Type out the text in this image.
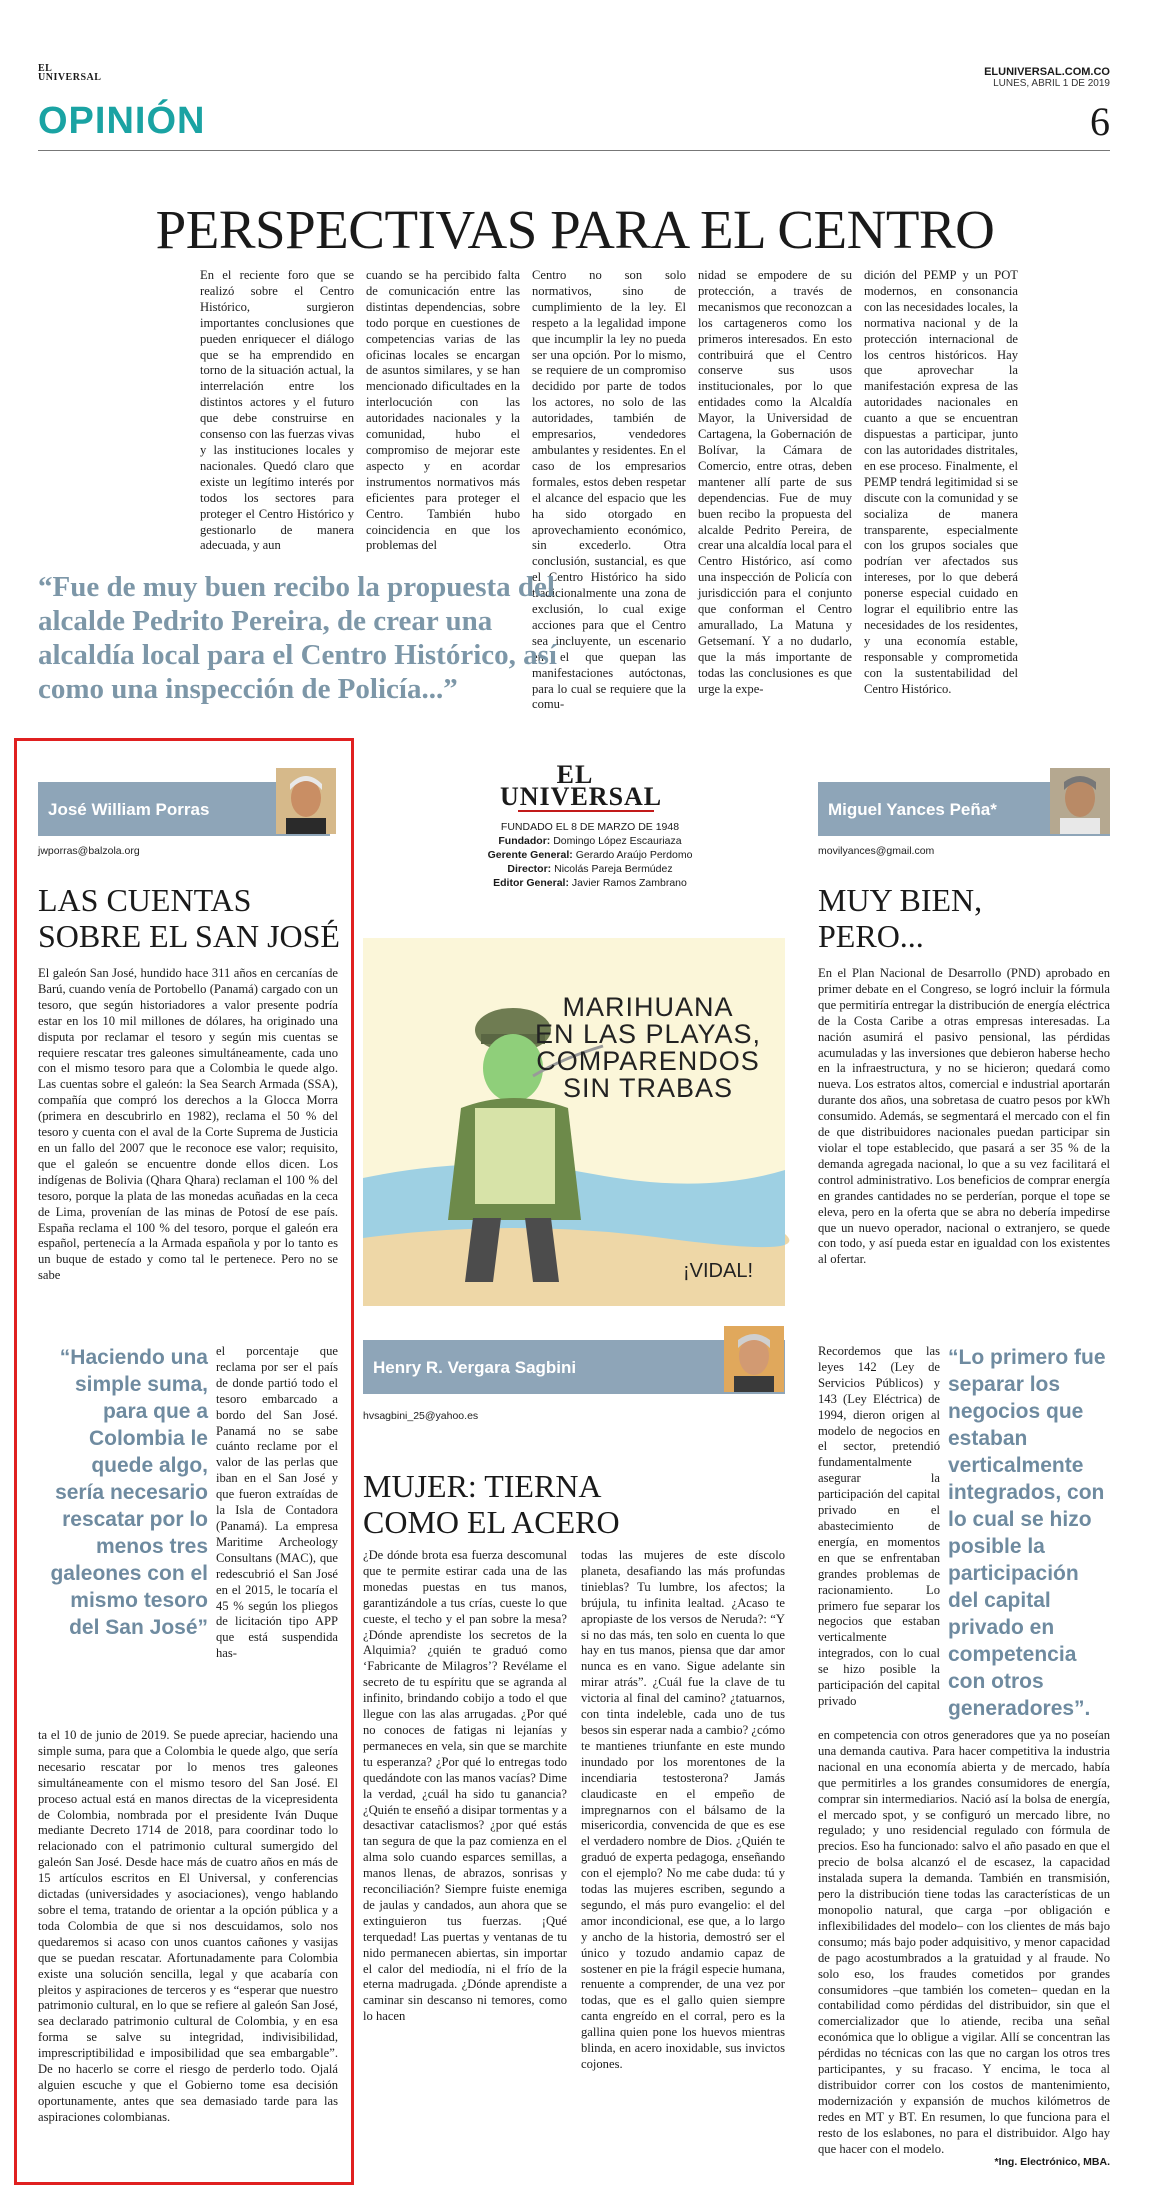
EL
UNIVERSAL
OPINIÓN
ELUNIVERSAL.COM.CO
LUNES, ABRIL 1 DE 2019
6
PERSPECTIVAS PARA EL CENTRO
En el reciente foro que se realizó sobre el Centro Histórico, surgieron importantes conclusiones que pueden enriquecer el diálogo que se ha emprendido en torno de la situación actual, la interrelación entre los distintos actores y el futuro que debe construirse en consenso con las fuerzas vivas y las instituciones locales y nacionales. Quedó claro que existe un legítimo interés por todos los sectores para proteger el Centro Histórico y gestionarlo de manera adecuada, y aun
cuando se ha percibido falta de comunicación entre las distintas dependencias, sobre todo porque en cuestiones de competencias varias de las oficinas locales se encargan de asuntos similares, y se han mencionado dificultades en la interlocución con las autoridades nacionales y la comunidad, hubo el compromiso de mejorar este aspecto y en acordar instrumentos normativos más eficientes para proteger el Centro. También hubo coincidencia en que los problemas del
Centro no son solo normativos, sino de cumplimiento de la ley. El respeto a la legalidad impone que incumplir la ley no pueda ser una opción. Por lo mismo, se requiere de un compromiso decidido por parte de todos los actores, no solo de las autoridades, también de empresarios, vendedores ambulantes y residentes. En el caso de los empresarios formales, estos deben respetar el alcance del espacio que les ha sido otorgado en aprovechamiento económico, sin excederlo. Otra conclusión, sustancial, es que el Centro Histórico ha sido tradicionalmente una zona de exclusión, lo cual exige acciones para que el Centro sea incluyente, un escenario en el que quepan las manifestaciones autóctonas, para lo cual se requiere que la comu-
nidad se empodere de su protección, a través de mecanismos que reconozcan a los cartageneros como los primeros interesados. En esto contribuirá que el Centro conserve sus usos institucionales, por lo que entidades como la Alcaldía Mayor, la Universidad de Cartagena, la Gobernación de Bolívar, la Cámara de Comercio, entre otras, deben mantener allí parte de sus dependencias. Fue de muy buen recibo la propuesta del alcalde Pedrito Pereira, de crear una alcaldía local para el Centro Histórico, así como una inspección de Policía con jurisdicción para el conjunto que conforman el Centro amurallado, La Matuna y Getsemaní. Y a no dudarlo, que la más importante de todas las conclusiones es que urge la expe-
dición del PEMP y un POT modernos, en consonancia con las necesidades locales, la normativa nacional y de la protección internacional de los centros históricos. Hay que aprovechar la manifestación expresa de las autoridades nacionales en cuanto a que se encuentran dispuestas a participar, junto con las autoridades distritales, en ese proceso. Finalmente, el PEMP tendrá legitimidad si se discute con la comunidad y se socializa de manera transparente, especialmente con los grupos sociales que podrían ver afectados sus intereses, por lo que deberá ponerse especial cuidado en lograr el equilibrio entre las necesidades de los residentes, y una economía estable, responsable y comprometida con la sustentabilidad del Centro Histórico.
“Fue de muy buen recibo la propuesta del alcalde Pedrito Pereira, de crear una alcaldía local para el Centro Histórico, así como una inspección de Policía...”
José William Porras
jwporras@balzola.org
LAS CUENTAS
SOBRE EL SAN JOSÉ
El galeón San José, hundido hace 311 años en cercanías de Barú, cuando venía de Portobello (Panamá) cargado con un tesoro, que según historiadores a valor presente podría estar en los 10 mil millones de dólares, ha originado una disputa por reclamar el tesoro y según mis cuentas se requiere rescatar tres galeones simultáneamente, cada uno con el mismo tesoro para que a Colombia le quede algo. Las cuentas sobre el galeón: la Sea Search Armada (SSA), compañía que compró los derechos a la Glocca Morra (primera en descubrirlo en 1982), reclama el 50 % del tesoro y cuenta con el aval de la Corte Suprema de Justicia en un fallo del 2007 que le reconoce ese valor; requisito, que el galeón se encuentre donde ellos dicen. Los indígenas de Bolivia (Qhara Qhara) reclaman el 100 % del tesoro, porque la plata de las monedas acuñadas en la ceca de Lima, provenían de las minas de Potosí de ese país. España reclama el 100 % del tesoro, porque el galeón era español, pertenecía a la Armada española y por lo tanto es un buque de estado y como tal le pertenece. Pero no se sabe
“Haciendo una simple suma, para que a Colombia le quede algo, sería necesario rescatar por lo menos tres galeones con el mismo tesoro del San José”
el porcentaje que reclama por ser el país de donde partió todo el tesoro embarcado a bordo del San José. Panamá no se sabe cuánto reclame por el valor de las perlas que iban en el San José y que fueron extraídas de la Isla de Contadora (Panamá). La empresa Maritime Archeology Consultans (MAC), que redescubrió el San José en el 2015, le tocaría el 45 % según los pliegos de licitación tipo APP que está suspendida has-
ta el 10 de junio de 2019. Se puede apreciar, haciendo una simple suma, para que a Colombia le quede algo, que sería necesario rescatar por lo menos tres galeones simultáneamente con el mismo tesoro del San José. El proceso actual está en manos directas de la vicepresidenta de Colombia, nombrada por el presidente Iván Duque mediante Decreto 1714 de 2018, para coordinar todo lo relacionado con el patrimonio cultural sumergido del galeón San José. Desde hace más de cuatro años en más de 15 artículos escritos en El Universal, y conferencias dictadas (universidades y asociaciones), vengo hablando sobre el tema, tratando de orientar a la opción pública y a toda Colombia de que si nos descuidamos, solo nos quedaremos si acaso con unos cuantos cañones y vasijas que se puedan rescatar. Afortunadamente para Colombia existe una solución sencilla, legal y que acabaría con pleitos y aspiraciones de terceros y es “esperar que nuestro patrimonio cultural, en lo que se refiere al galeón San José, sea declarado patrimonio cultural de Colombia, y en esa forma se salve su integridad, indivisibilidad, imprescriptibilidad e imposibilidad que sea embargable”. De no hacerlo se corre el riesgo de perderlo todo. Ojalá alguien escuche y que el Gobierno tome esa decisión oportunamente, antes que sea demasiado tarde para las aspiraciones colombianas.
EL
UNIVERSAL
FUNDADO EL 8 DE MARZO DE 1948
Fundador: Domingo López Escauriaza
Gerente General: Gerardo Araújo Perdomo
Director: Nicolás Pareja Bermúdez
Editor General: Javier Ramos Zambrano
MARIHUANA
EN LAS PLAYAS,
COMPARENDOS
SIN TRABAS
¡VIDAL!
Henry R. Vergara Sagbini
hvsagbini_25@yahoo.es
MUJER: TIERNA
COMO EL ACERO
¿De dónde brota esa fuerza descomunal que te permite estirar cada una de las monedas puestas en tus manos, garantizándole a tus crías, cueste lo que cueste, el techo y el pan sobre la mesa? ¿Dónde aprendiste los secretos de la Alquimia? ¿quién te graduó como ‘Fabricante de Milagros’? Revélame el secreto de tu espíritu que se agranda al infinito, brindando cobijo a todo el que llegue con las alas arrugadas. ¿Por qué no conoces de fatigas ni lejanías y permaneces en vela, sin que se marchite tu esperanza? ¿Por qué lo entregas todo quedándote con las manos vacías? Dime la verdad, ¿cuál ha sido tu ganancia? ¿Quién te enseñó a disipar tormentas y a desactivar cataclismos? ¿por qué estás tan segura de que la paz comienza en el alma solo cuando esparces semillas, a manos llenas, de abrazos, sonrisas y reconciliación? Siempre fuiste enemiga de jaulas y candados, aun ahora que se extinguieron tus fuerzas. ¡Qué terquedad! Las puertas y ventanas de tu nido permanecen abiertas, sin importar el calor del mediodía, ni el frío de la eterna madrugada. ¿Dónde aprendiste a caminar sin descanso ni temores, como lo hacen
todas las mujeres de este díscolo planeta, desafiando las más profundas tinieblas? Tu lumbre, los afectos; la brújula, tu infinita lealtad. ¿Acaso te apropiaste de los versos de Neruda?: “Y si no das más, ten solo en cuenta lo que hay en tus manos, piensa que dar amor nunca es en vano. Sigue adelante sin mirar atrás”. ¿Cuál fue la clave de tu victoria al final del camino? ¿tatuarnos, con tinta indeleble, cada uno de tus besos sin esperar nada a cambio? ¿cómo te mantienes triunfante en este mundo inundado por los morentones de la incendiaria testosterona? Jamás claudicaste en el empeño de impregnarnos con el bálsamo de la misericordia, convencida de que es ese el verdadero nombre de Dios. ¿Quién te graduó de experta pedagoga, enseñando con el ejemplo? No me cabe duda: tú y todas las mujeres escriben, segundo a segundo, el más puro evangelio: el del amor incondicional, ese que, a lo largo y ancho de la historia, demostró ser el único y tozudo andamio capaz de sostener en pie la frágil especie humana, renuente a comprender, de una vez por todas, que es el gallo quien siempre canta engreído en el corral, pero es la gallina quien pone los huevos mientras blinda, en acero inoxidable, sus invictos cojones.
Miguel Yances Peña*
movilyances@gmail.com
MUY BIEN,
PERO...
En el Plan Nacional de Desarrollo (PND) aprobado en primer debate en el Congreso, se logró incluir la fórmula que permitiría entregar la distribución de energía eléctrica de la Costa Caribe a otras empresas interesadas. La nación asumirá el pasivo pensional, las pérdidas acumuladas y las inversiones que debieron haberse hecho en la infraestructura, y no se hicieron; quedará como nueva. Los estratos altos, comercial e industrial aportarán durante dos años, una sobretasa de cuatro pesos por kWh consumido. Además, se segmentará el mercado con el fin de que distribuidores nacionales puedan participar sin violar el tope establecido, que pasará a ser 35 % de la demanda agregada nacional, lo que a su vez facilitará el control administrativo. Los beneficios de comprar energía en grandes cantidades no se perderían, porque el tope se eleva, pero en la oferta que se abra no debería impedirse que un nuevo operador, nacional o extranjero, se quede con todo, y así pueda estar en igualdad con los existentes al ofertar.
Recordemos que las leyes 142 (Ley de Servicios Públicos) y 143 (Ley Eléctrica) de 1994, dieron origen al modelo de negocios en el sector, pretendió fundamentalmente asegurar la participación del capital privado en el abastecimiento de energía, en momentos en que se enfrentaban grandes problemas de racionamiento. Lo primero fue separar los negocios que estaban verticalmente integrados, con lo cual se hizo posible la participación del capital privado
“Lo primero fue separar los negocios que estaban verticalmente integrados, con lo cual se hizo posible la participación del capital privado en competencia con otros generadores”.
en competencia con otros generadores que ya no poseían una demanda cautiva. Para hacer competitiva la industria nacional en una economía abierta y de mercado, había que permitirles a los grandes consumidores de energía, comprar sin intermediarios. Nació así la bolsa de energía, el mercado spot, y se configuró un mercado libre, no regulado; y uno residencial regulado con fórmula de precios. Eso ha funcionado: salvo el año pasado en que el precio de bolsa alcanzó el de escasez, la capacidad instalada supera la demanda. También en transmisión, pero la distribución tiene todas las características de un monopolio natural, que carga –por obligación e inflexibilidades del modelo– con los clientes de más bajo consumo; más bajo poder adquisitivo, y menor capacidad de pago acostumbrados a la gratuidad y al fraude. No solo eso, los fraudes cometidos por grandes consumidores –que también los cometen– quedan en la contabilidad como pérdidas del distribuidor, sin que el comercializador que lo atiende, reciba una señal económica que lo obligue a vigilar. Allí se concentran las pérdidas no técnicas con las que no cargan los otros tres participantes, y su fracaso. Y encima, le toca al distribuidor correr con los costos de mantenimiento, modernización y expansión de muchos kilómetros de redes en MT y BT. En resumen, lo que funciona para el resto de los eslabones, no para el distribuidor. Algo hay que hacer con el modelo.
*Ing. Electrónico, MBA.
